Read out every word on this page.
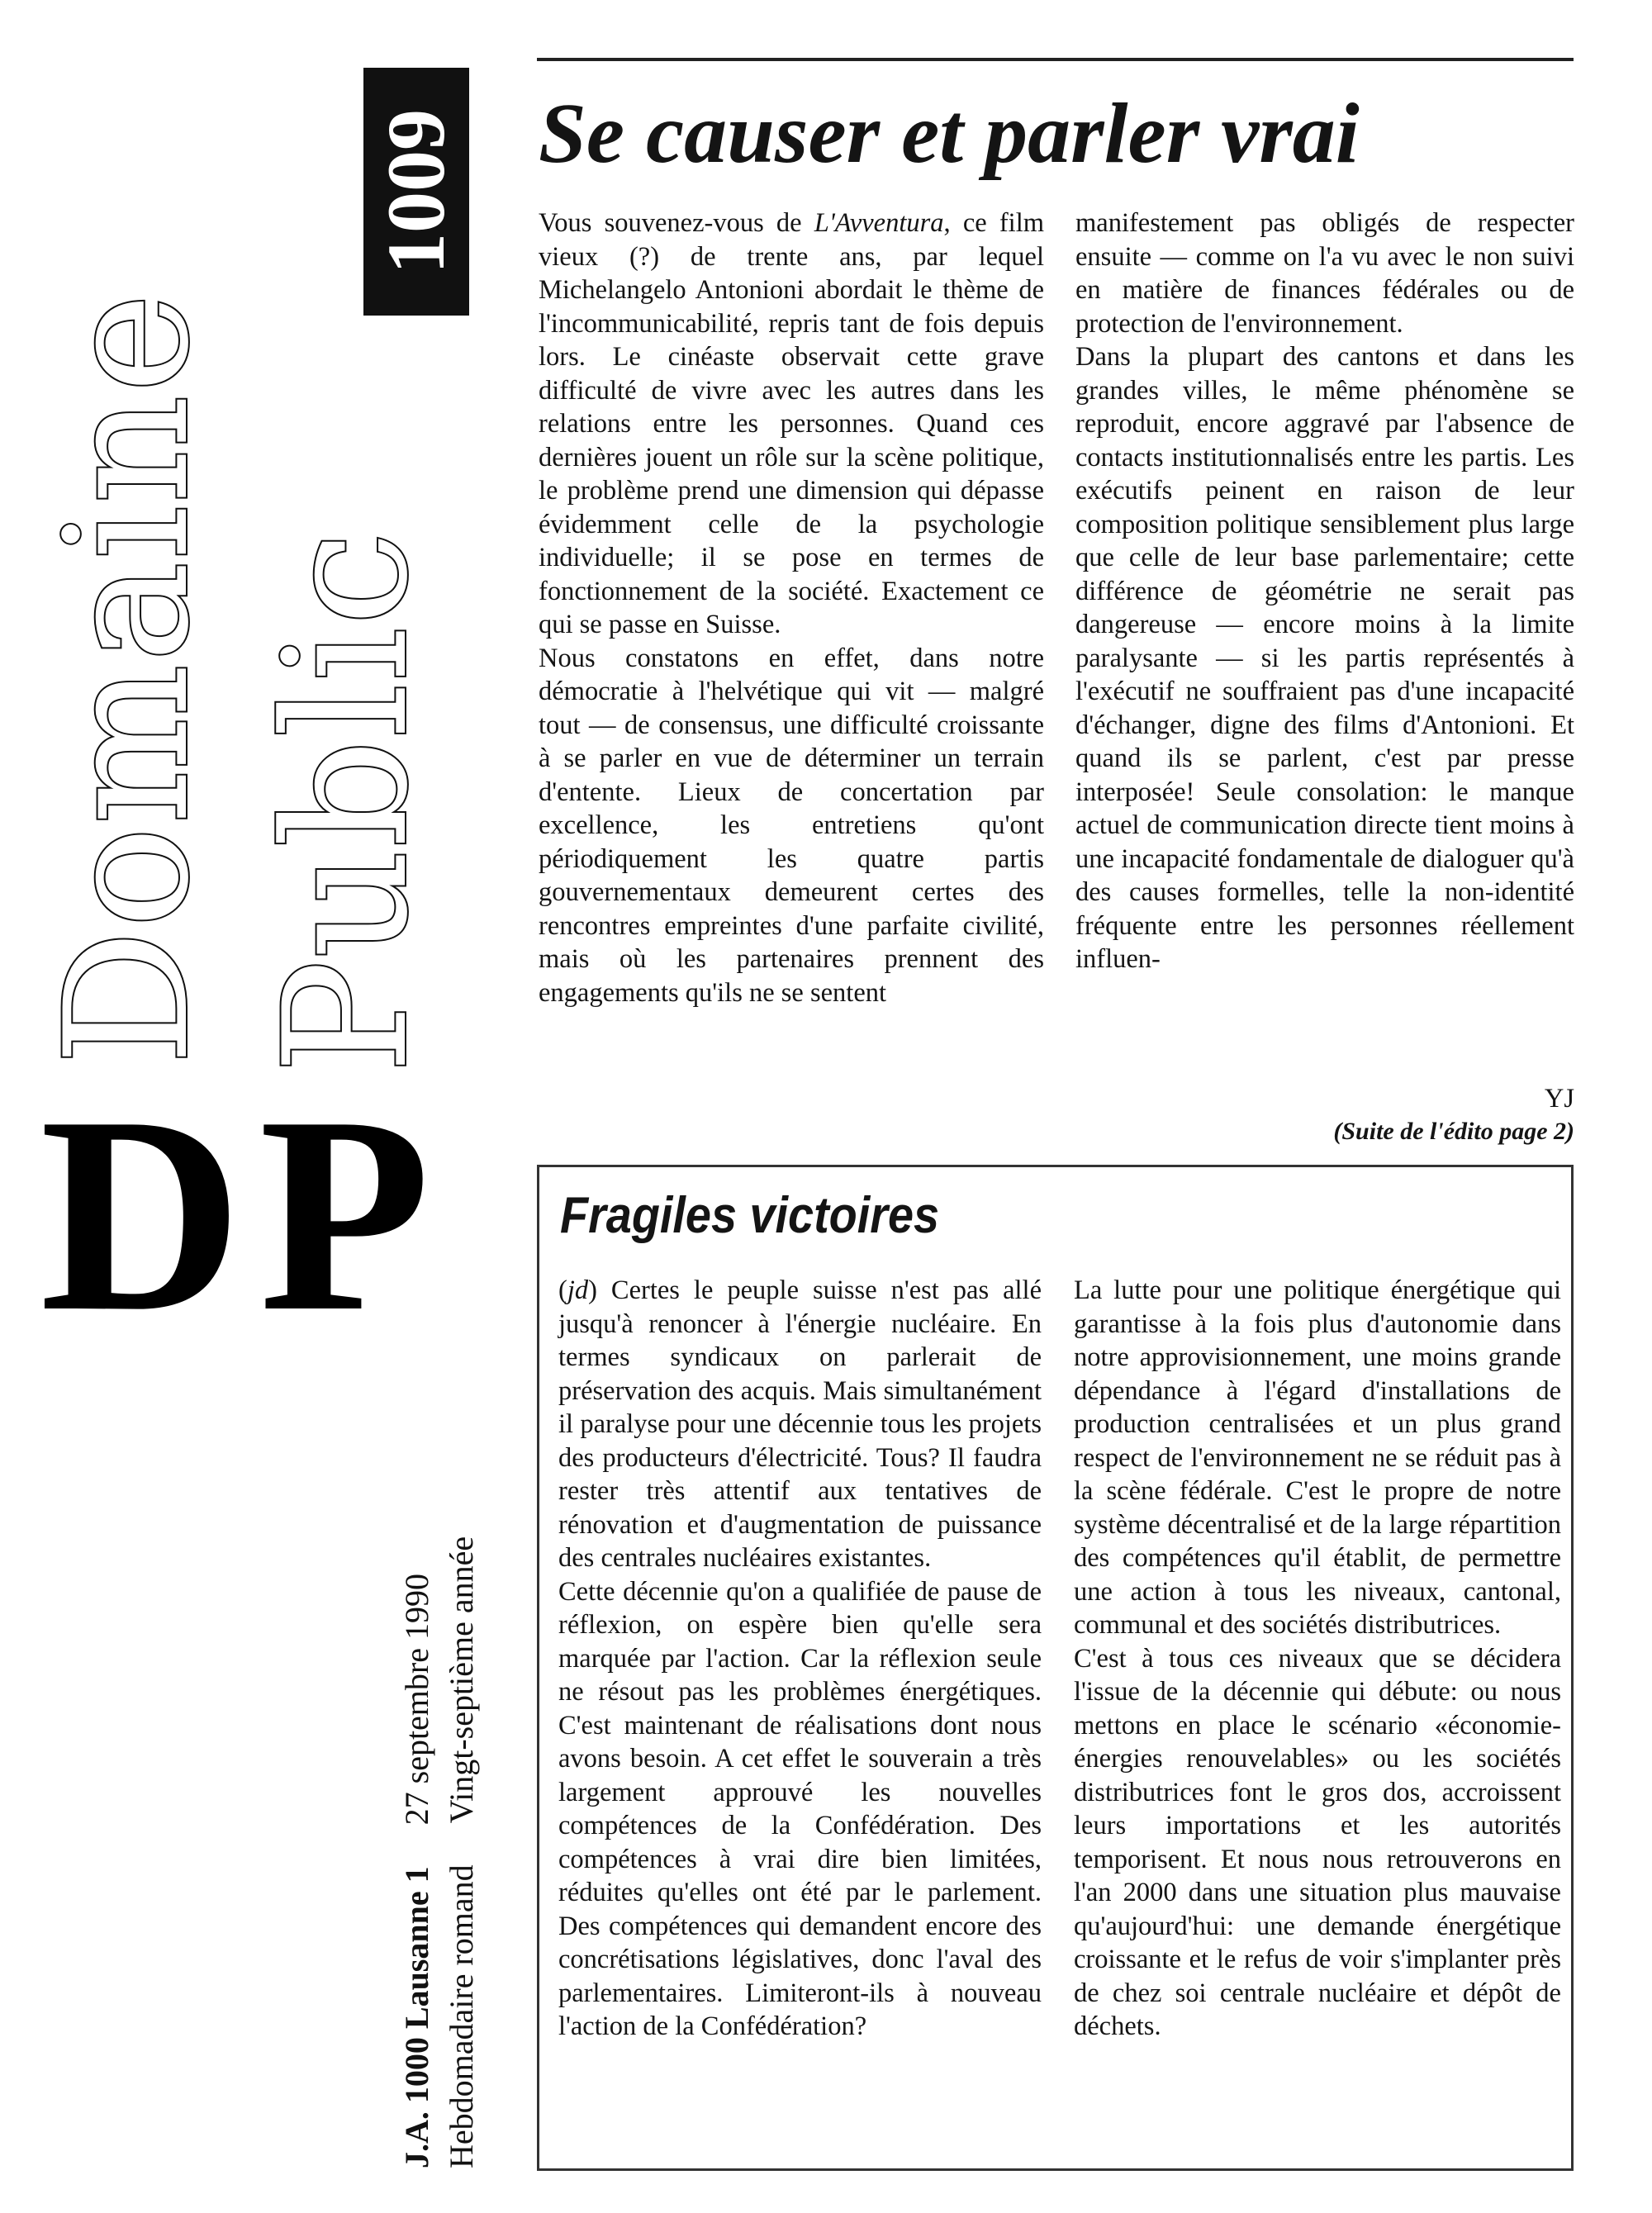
Domaine Public
1009
DP
J.A. 1000 Lausanne 1     27 septembre 1990
Hebdomadaire romand     Vingt-septième année
Se causer et parler vrai

Vous souvenez-vous de L'Avventura, ce film vieux (?) de trente ans, par lequel Michelangelo Antonioni abordait le thème de l'incommunicabilité, repris tant de fois depuis lors. Le cinéaste observait cette grave difficulté de vivre avec les autres dans les relations entre les personnes. Quand ces dernières jouent un rôle sur la scène politique, le problème prend une dimension qui dépasse évidemment celle de la psychologie individuelle; il se pose en termes de fonctionnement de la société. Exactement ce qui se passe en Suisse.

Nous constatons en effet, dans notre démocratie à l'helvétique qui vit — malgré tout — de consensus, une difficulté croissante à se parler en vue de déterminer un terrain d'entente. Lieux de concertation par excellence, les entretiens qu'ont périodiquement les quatre partis gouvernementaux demeurent certes des rencontres empreintes d'une parfaite civilité, mais où les partenaires prennent des engagements qu'ils ne se sentent

manifestement pas obligés de respecter ensuite — comme on l'a vu avec le non suivi en matière de finances fédérales ou de protection de l'environnement.

Dans la plupart des cantons et dans les grandes villes, le même phénomène se reproduit, encore aggravé par l'absence de contacts institutionnalisés entre les partis. Les exécutifs peinent en raison de leur composition politique sensiblement plus large que celle de leur base parlementaire; cette différence de géométrie ne serait pas dangereuse — encore moins à la limite paralysante — si les partis représentés à l'exécutif ne souffraient pas d'une incapacité d'échanger, digne des films d'Antonioni. Et quand ils se parlent, c'est par presse interposée! Seule consolation: le manque actuel de communication directe tient moins à une incapacité fondamentale de dialoguer qu'à des causes formelles, telle la non-identité fréquente entre les personnes réellement influen-

YJ
(Suite de l'édito page 2)
Fragiles victoires

(jd) Certes le peuple suisse n'est pas allé jusqu'à renoncer à l'énergie nucléaire. En termes syndicaux on parlerait de préservation des acquis. Mais simultanément il paralyse pour une décennie tous les projets des producteurs d'électricité. Tous? Il faudra rester très attentif aux tentatives de rénovation et d'augmentation de puissance des centrales nucléaires existantes.

Cette décennie qu'on a qualifiée de pause de réflexion, on espère bien qu'elle sera marquée par l'action. Car la réflexion seule ne résout pas les problèmes énergétiques. C'est maintenant de réalisations dont nous avons besoin. A cet effet le souverain a très largement approuvé les nouvelles compétences de la Confédération. Des compétences à vrai dire bien limitées, réduites qu'elles ont été par le parlement. Des compétences qui demandent encore des concrétisations législatives, donc l'aval des parlementaires. Limiteront-ils à nouveau l'action de la Confédération?

La lutte pour une politique énergétique qui garantisse à la fois plus d'autonomie dans notre approvisionnement, une moins grande dépendance à l'égard d'installations de production centralisées et un plus grand respect de l'environnement ne se réduit pas à la scène fédérale. C'est le propre de notre système décentralisé et de la large répartition des compétences qu'il établit, de permettre une action à tous les niveaux, cantonal, communal et des sociétés distributrices.

C'est à tous ces niveaux que se décidera l'issue de la décennie qui débute: ou nous mettons en place le scénario «économie-énergies renouvelables» ou les sociétés distributrices font le gros dos, accroissent leurs importations et les autorités temporisent. Et nous nous retrouverons en l'an 2000 dans une situation plus mauvaise qu'aujourd'hui: une demande énergétique croissante et le refus de voir s'implanter près de chez soi centrale nucléaire et dépôt de déchets.
